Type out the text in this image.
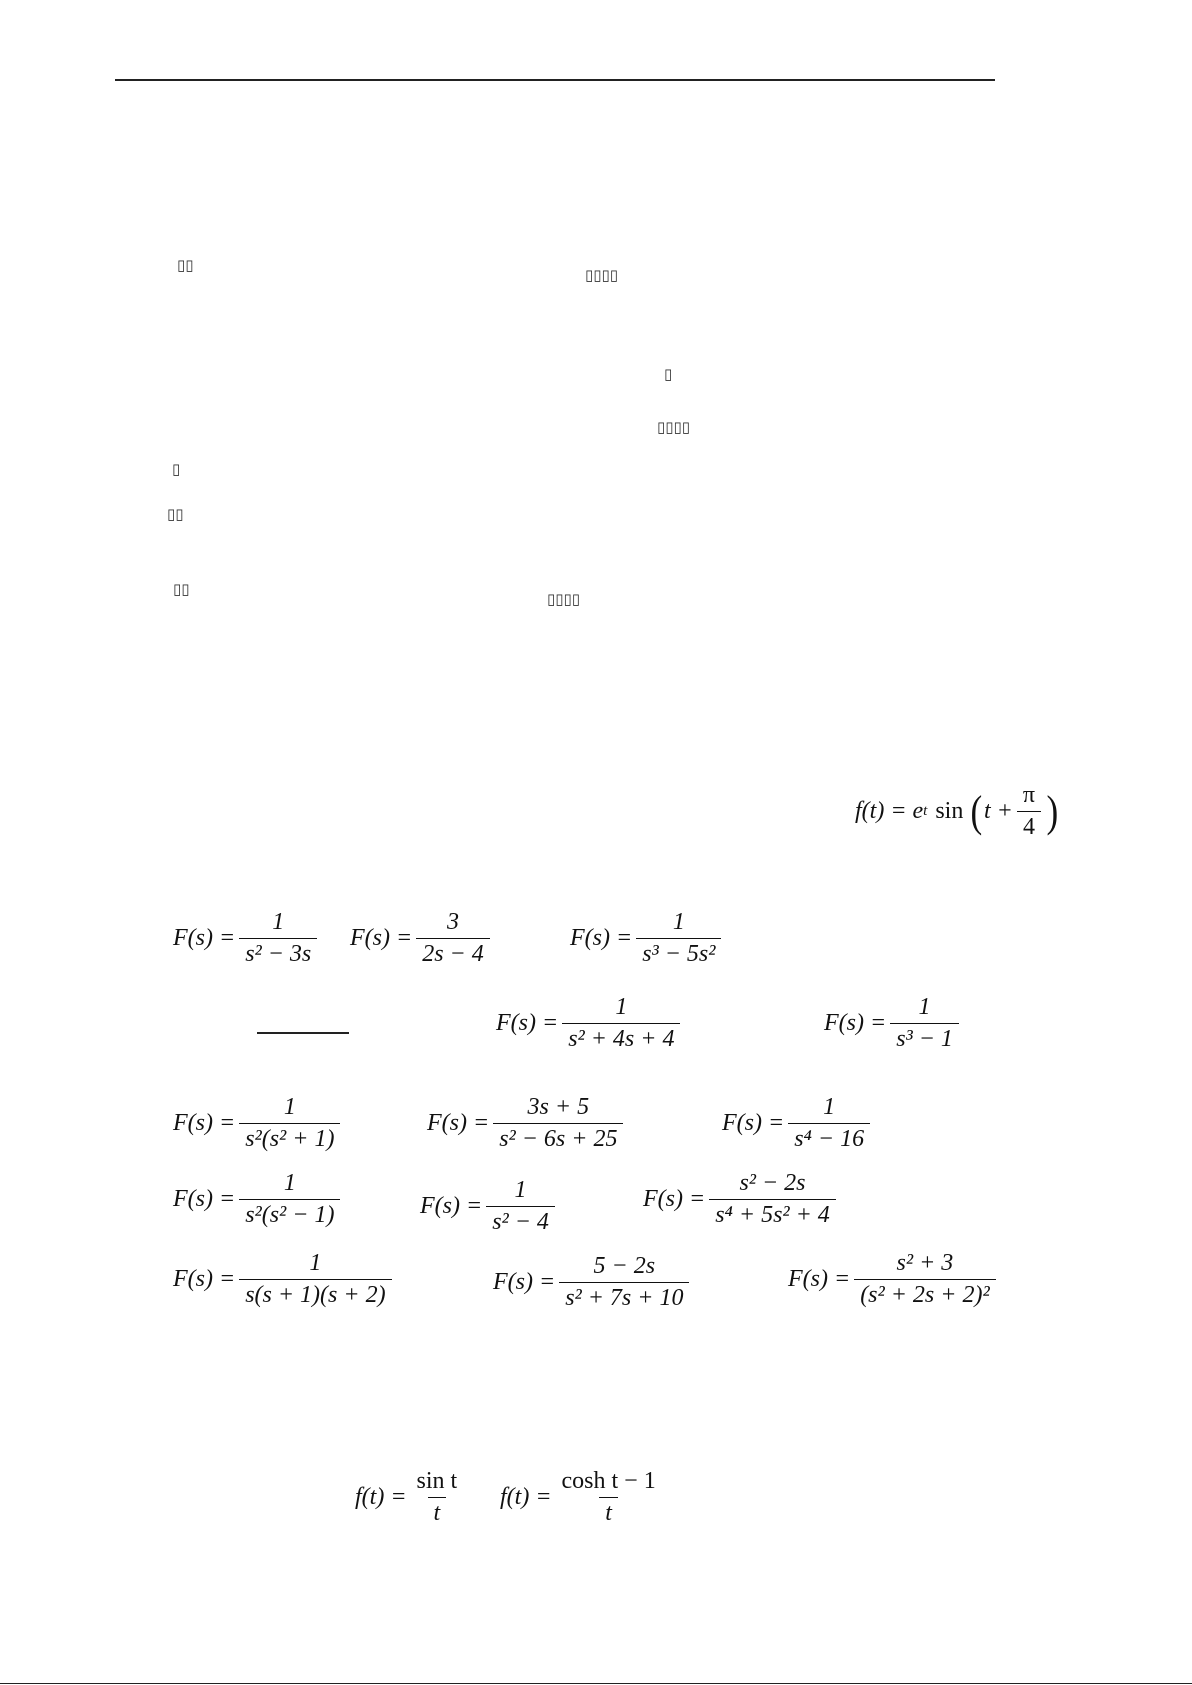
▯▯
▯▯▯▯
▯
▯▯▯▯
▯
▯▯
▯▯
▯▯▯▯
f(t) = e t sin ( $t + \frac{\pi}{4}$ )
$F(s) = \frac{1}{\text{s² − 3s}} F(s) = \frac{3}{2s - 4}$	$F(s) = \frac{1}{\text{s³ − 5s²}}$
$F(s) = \frac{1}{\text{s² + 4s + 4}}$	$F(s) = \frac{1}{\text{s³ − 1}}$
$F(s) = \frac{1}{\text{s²(s² + 1)}}$	$F(s) = \frac{3s + 5}{\text{s² − 6s + 25}}$	$F(s) = \frac{1}{\text{s⁴ − 16}}$
$F(s) = \frac{1}{\text{s²(s² − 1)}}$	$F(s) = \frac{1}{\text{s² − 4}}$	$F(s) = \frac{\text{s² − 2s}}{\text{s⁴ + 5s² + 4}}$
$F(s) = \frac{1}{s(s + 1)(s + 2)}$	$F(s) = \frac{5 - 2s}{\text{s² + 7s + 10}}$	$F(s) = \frac{\text{s² + 3}}{\text{(s² + 2s + 2)²}}$
$f(t) = \frac{\text{sin t}}{t} f(t) = \frac{\text{cosh t − 1}}{t}$
